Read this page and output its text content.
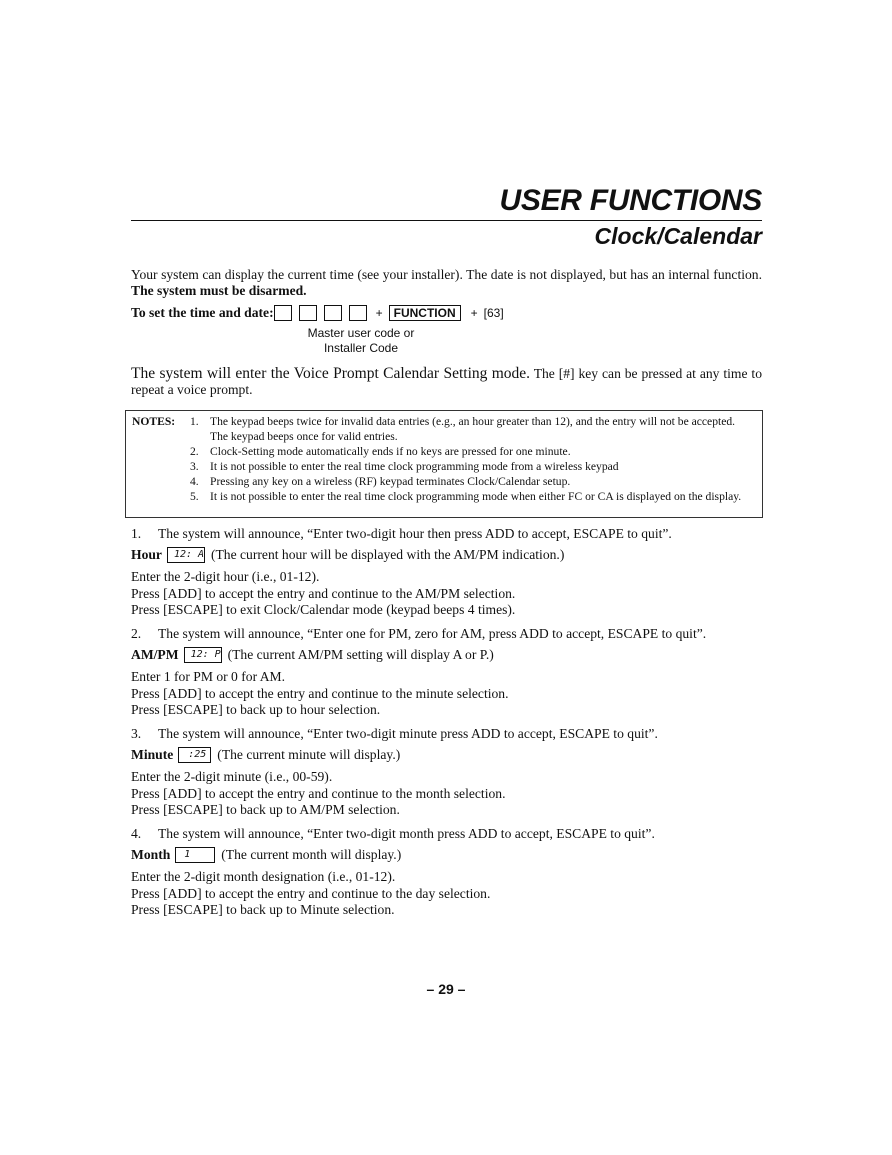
USER FUNCTIONS
Clock/Calendar
Your system can display the current time (see your installer). The date is not displayed, but has an internal function. The system must be disarmed.
To set the time and date:	+ FUNCTION	+ [63]
Master user code or
Installer Code
The system will enter the Voice Prompt Calendar Setting mode. The [#] key can be pressed at any time to repeat a voice prompt.
NOTES: 1. The keypad beeps twice for invalid data entries (e.g., an hour greater than 12), and the entry will not be accepted. The keypad beeps once for valid entries.
2. Clock-Setting mode automatically ends if no keys are pressed for one minute.
3. It is not possible to enter the real time clock programming mode from a wireless keypad
4. Pressing any key on a wireless (RF) keypad terminates Clock/Calendar setup.
5. It is not possible to enter the real time clock programming mode when either FC or CA is displayed on the display.
1. The system will announce, “Enter two-digit hour then press ADD to accept, ESCAPE to quit”.
Hour	12: A (The current hour will be displayed with the AM/PM indication.)
Enter the 2-digit hour (i.e., 01-12).
Press [ADD] to accept the entry and continue to the AM/PM selection.
Press [ESCAPE] to exit Clock/Calendar mode (keypad beeps 4 times).
2. The system will announce, “Enter one for PM, zero for AM, press ADD to accept, ESCAPE to quit”.
AM/PM	12: P (The current AM/PM setting will display A or P.)
Enter 1 for PM or 0 for AM.
Press [ADD] to accept the entry and continue to the minute selection.
Press [ESCAPE] to back up to hour selection.
3. The system will announce, “Enter two-digit minute press ADD to accept, ESCAPE to quit”.
Minute	:25 (The current minute will display.)
Enter the 2-digit minute (i.e., 00-59).
Press [ADD] to accept the entry and continue to the month selection.
Press [ESCAPE] to back up to AM/PM selection.
4. The system will announce, “Enter two-digit month press ADD to accept, ESCAPE to quit”.
Month	1	(The current month will display.)
Enter the 2-digit month designation (i.e., 01-12).
Press [ADD] to accept the entry and continue to the day selection.
Press [ESCAPE] to back up to Minute selection.
– 29 –
